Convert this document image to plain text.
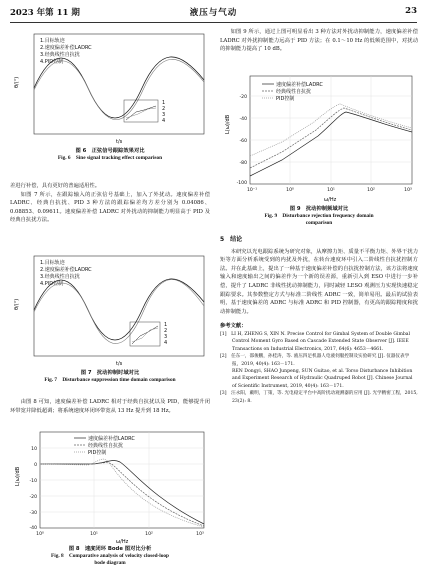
2023 年第 11 期	液压与气动	23
1.目标轨迹
2.速度偏差补偿LADRC
3.经典线性自抗扰
4.PID控制
1
2
3
4
θ/(°)
t/s
图 6　正弦信号跟踪效果对比
Fig. 6　Sine signal tracking effect comparison

差进行补偿，具有更好的普遍适用性。

如图 7 所示，在跟踪输入的正弦信号基础上，加入了外扰动。速度偏差补偿 LADRC、经典自抗扰、PID 3 种方法的跟踪偏差均方差分别为 0.04086、0.08853、0.09611。速度偏差补偿 LADRC 对外扰动的抑制能力明显高于 PID 及经典自抗扰方法。

1.目标轨迹
2.速度偏差补偿LADRC
3.经典线性自抗扰
4.PID控制
1
2
3
4
θ/(°)
t/s
图 7　扰动抑制时域对比
Fig. 7　Disturbance suppression time domain comparison

由图 8 可知，速度偏差补偿 LADRC 相对于经典自抗扰以及 PID，能够提升闭环带宽并降低超调；将系统速度环闭环带宽从 13 Hz 提升到 18 Hz。

速度偏差补偿LADRC
经典线性自抗扰
PID控制
10
0
-10
-20
-30
-40
10⁰	10¹	10²	10³
L(ω)/dB
ω/Hz
图 8　速度闭环 Bode 图对比分析
Fig. 8　Comparative analysis of velocity closed-loop
bode diagram

如图 9 所示，通过上图可明显看出 3 种方法对外扰动抑制能力，速度偏差补偿 LADRC 对外扰抑制能力远高于 PID 方法；在 0.1～10 Hz 的低频范围中，对扰动的抑制能力提高了 10 dB。

速度偏差补偿LADRC
经典线性自抗扰
PID控制
-20
-40
-60
-80
-100
10⁻¹	10⁰	10¹	10²	10³
L(ω)/dB
ω/Hz
图 9　扰动抑制频域对比
Fig. 9　Disturbance rejection frequency domain
comparison
5　结论

本研究以光电跟踪系统为研究对象，从摩擦力矩、质量不平衡力矩、外界干扰力矩等方面分析系统受到的内扰及外扰，在转台速度环中引入二阶线性自抗扰控制方法。并在此基础上，提出了一种基于速度偏差补偿的自抗扰控制方法，该方法将速度输入和速度输出之间的偏差作为一个新的误差源，重新引入到 ESO 中进行一步补偿，提升了 LADRC 非线性扰动抑制能力，同时减轻 LESO 观测压力实现快速稳定跟踪要求。其参数整定方式与标准二阶线性 ADRC 一致，简单易用。最后的试验表明，基于速度偏差的 ADRC 与标准 ADRC 和 PID 控制器，有更高的跟踪精度和扰动抑制能力。

参考文献：
[1]　LI H, ZHENG S, XIN N. Precise Control for Gimbal System of Double Gimbal Control Moment Gyro Based on Cascade Extended State Observer [J]. IEEE Transactions on Industrial Electronics, 2017, 64(6): 4653－4661.
[2]　任东一，邵俊鹏，孙桂涛，等. 液压四足机器人电液伺服控制及实验研究 [J]. 仪器仪表学报，2019, 40(4): 163－171.
REN Dongyi, SHAO Junpeng, SUN Guitao, et al. Torso Disturbance Inhibition and Experiment Research of Hydraulic Quadruped Robot [J]. Chinese Journal of Scientific Instrument, 2019, 40(4): 163－171.
[3]　汪永阳，戴明，丁策，等. 光电稳定平台中高阶扰动观测器的应用 [J]. 光学精密工程，2015, 23(2): 8.
